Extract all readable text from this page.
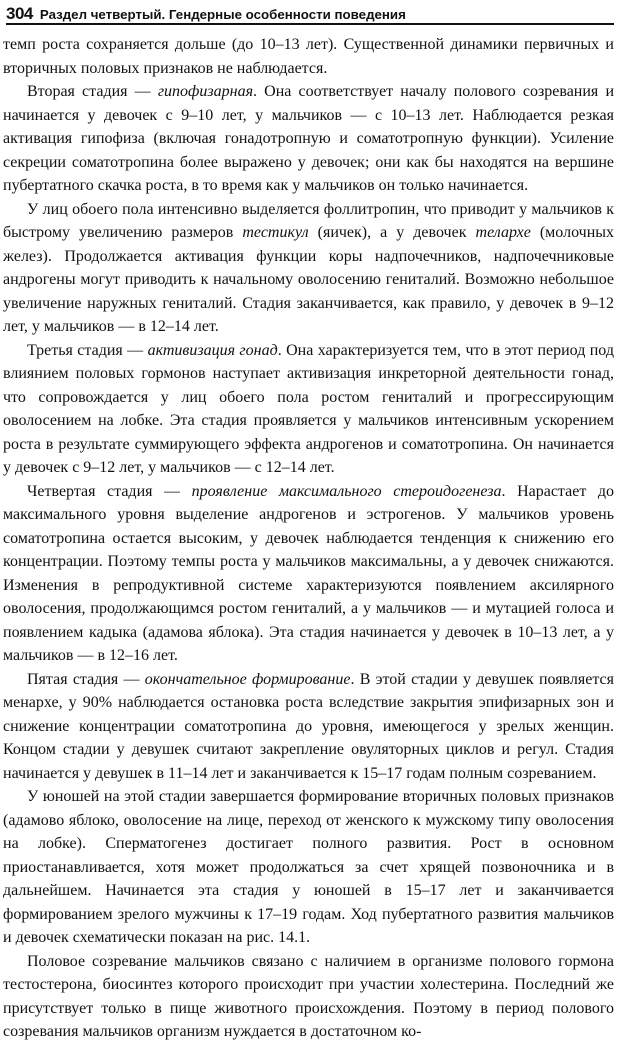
304 Раздел четвертый. Гендерные особенности поведения

темп роста сохраняется дольше (до 10–13 лет). Существенной динамики первичных и вторичных половых признаков не наблюдается.

Вторая стадия — гипофизарная. Она соответствует началу полового созревания и начинается у девочек с 9–10 лет, у мальчиков — с 10–13 лет. Наблюдается резкая активация гипофиза (включая гонадотропную и соматотропную функции). Усиление секреции соматотропина более выражено у девочек; они как бы находятся на вершине пубертатного скачка роста, в то время как у мальчиков он только начинается.

У лиц обоего пола интенсивно выделяется фоллитропин, что приводит у мальчиков к быстрому увеличению размеров тестикул (яичек), а у девочек телархе (молочных желез). Продолжается активация функции коры надпочечников, надпочечниковые андрогены могут приводить к начальному оволосению гениталий. Возможно небольшое увеличение наружных гениталий. Стадия заканчивается, как правило, у девочек в 9–12 лет, у мальчиков — в 12–14 лет.

Третья стадия — активизация гонад. Она характеризуется тем, что в этот период под влиянием половых гормонов наступает активизация инкреторной деятельности гонад, что сопровождается у лиц обоего пола ростом гениталий и прогрессирующим оволосением на лобке. Эта стадия проявляется у мальчиков интенсивным ускорением роста в результате суммирующего эффекта андрогенов и соматотропина. Он начинается у девочек с 9–12 лет, у мальчиков — с 12–14 лет.

Четвертая стадия — проявление максимального стероидогенеза. Нарастает до максимального уровня выделение андрогенов и эстрогенов. У мальчиков уровень соматотропина остается высоким, у девочек наблюдается тенденция к снижению его концентрации. Поэтому темпы роста у мальчиков максимальны, а у девочек снижаются. Изменения в репродуктивной системе характеризуются появлением аксилярного оволосения, продолжающимся ростом гениталий, а у мальчиков — и мутацией голоса и появлением кадыка (адамова яблока). Эта стадия начинается у девочек в 10–13 лет, а у мальчиков — в 12–16 лет.

Пятая стадия — окончательное формирование. В этой стадии у девушек появляется менархе, у 90% наблюдается остановка роста вследствие закрытия эпифизарных зон и снижение концентрации соматотропина до уровня, имеющегося у зрелых женщин. Концом стадии у девушек считают закрепление овуляторных циклов и регул. Стадия начинается у девушек в 11–14 лет и заканчивается к 15–17 годам полным созреванием.

У юношей на этой стадии завершается формирование вторичных половых признаков (адамово яблоко, оволосение на лице, переход от женского к мужскому типу оволосения на лобке). Сперматогенез достигает полного развития. Рост в основном приостанавливается, хотя может продолжаться за счет хрящей позвоночника и в дальнейшем. Начинается эта стадия у юношей в 15–17 лет и заканчивается формированием зрелого мужчины к 17–19 годам. Ход пубертатного развития мальчиков и девочек схематически показан на рис. 14.1.

Половое созревание мальчиков связано с наличием в организме полового гормона тестостерона, биосинтез которого происходит при участии холестерина. Последний же присутствует только в пище животного происхождения. Поэтому в период полового созревания мальчиков организм нуждается в достаточном ко-
